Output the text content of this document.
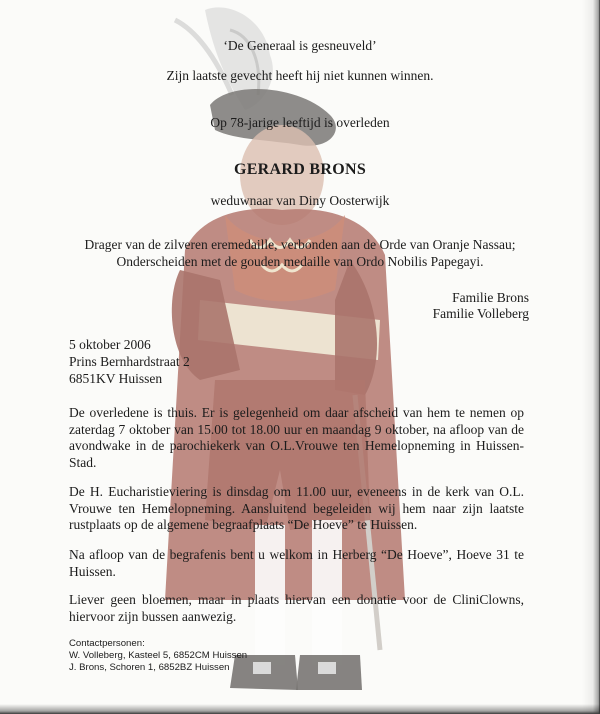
‘De Generaal is gesneuveld’
Zijn laatste gevecht heeft hij niet kunnen winnen.
Op 78-jarige leeftijd is overleden
GERARD BRONS
weduwnaar van Diny Oosterwijk
Drager van de zilveren eremedaille, verbonden aan de Orde van Oranje Nassau;
Onderscheiden met de gouden medaille van Ordo Nobilis Papegayi.
Familie Brons
Familie Volleberg
5 oktober 2006
Prins Bernhardstraat 2
6851KV Huissen
De overledene is thuis. Er is gelegenheid om daar afscheid van hem te nemen op zaterdag 7 oktober van 15.00 tot 18.00 uur en maandag 9 oktober, na afloop van de avondwake in de parochiekerk van O.L.Vrouwe ten Hemelopneming in Huissen-Stad.
De H. Eucharistieviering is dinsdag om 11.00 uur, eveneens in de kerk van O.L. Vrouwe ten Hemelopneming. Aansluitend begeleiden wij hem naar zijn laatste rustplaats op de algemene begraafplaats “De Hoeve” te Huissen.
Na afloop van de begrafenis bent u welkom in Herberg “De Hoeve”, Hoeve 31 te Huissen.
Liever geen bloemen, maar in plaats hiervan een donatie voor de CliniClowns, hiervoor zijn bussen aanwezig.
Contactpersonen:
W. Volleberg, Kasteel 5, 6852CM Huissen
J. Brons, Schoren 1, 6852BZ Huissen
